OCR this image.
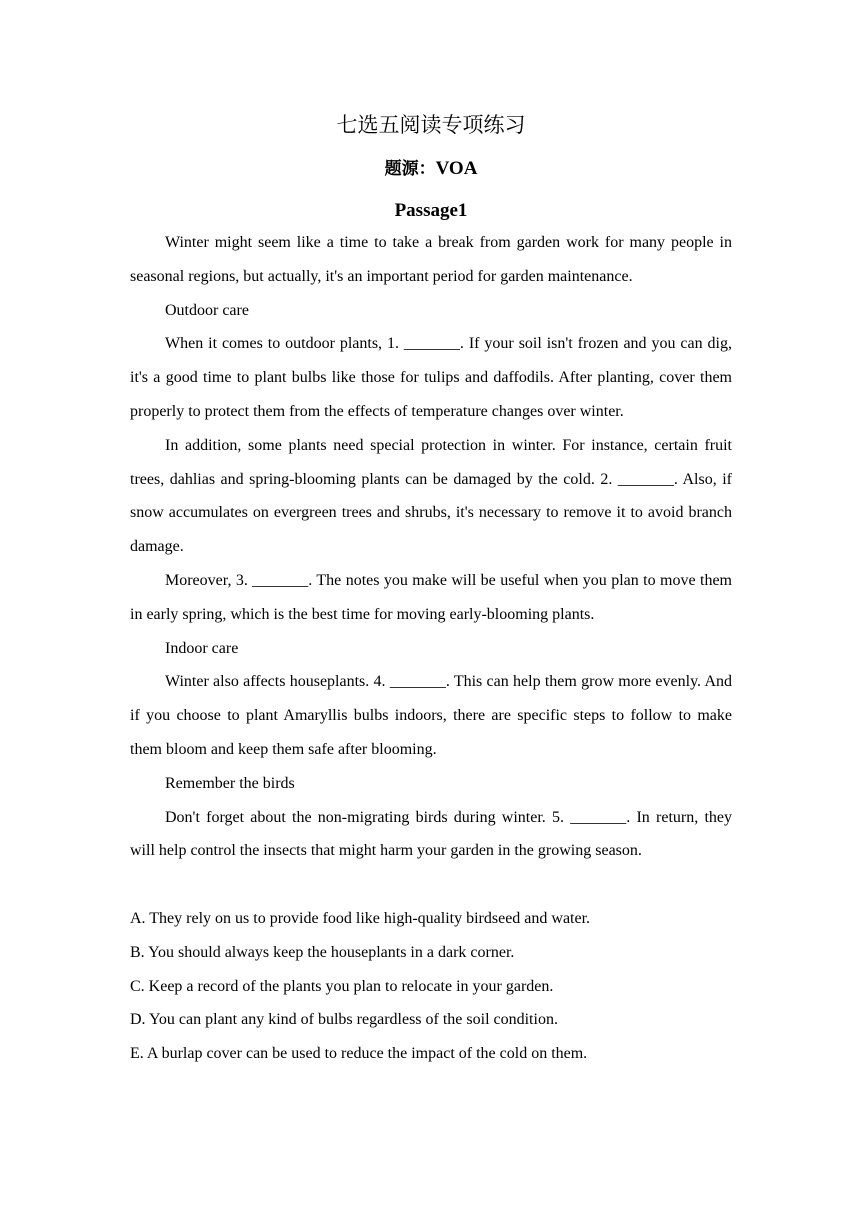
七选五阅读专项练习
题源：VOA
Passage1

Winter might seem like a time to take a break from garden work for many people in seasonal regions, but actually, it's an important period for garden maintenance.

Outdoor care

When it comes to outdoor plants, 1. _______. If your soil isn't frozen and you can dig, it's a good time to plant bulbs like those for tulips and daffodils. After planting, cover them properly to protect them from the effects of temperature changes over winter.

In addition, some plants need special protection in winter. For instance, certain fruit trees, dahlias and spring-blooming plants can be damaged by the cold. 2. _______. Also, if snow accumulates on evergreen trees and shrubs, it's necessary to remove it to avoid branch damage.

Moreover, 3. _______. The notes you make will be useful when you plan to move them in early spring, which is the best time for moving early-blooming plants.

Indoor care

Winter also affects houseplants. 4. _______. This can help them grow more evenly. And if you choose to plant Amaryllis bulbs indoors, there are specific steps to follow to make them bloom and keep them safe after blooming.

Remember the birds

Don't forget about the non-migrating birds during winter. 5. _______. In return, they will help control the insects that might harm your garden in the growing season.

A. They rely on us to provide food like high-quality birdseed and water.

B. You should always keep the houseplants in a dark corner.

C. Keep a record of the plants you plan to relocate in your garden.

D. You can plant any kind of bulbs regardless of the soil condition.

E. A burlap cover can be used to reduce the impact of the cold on them.
